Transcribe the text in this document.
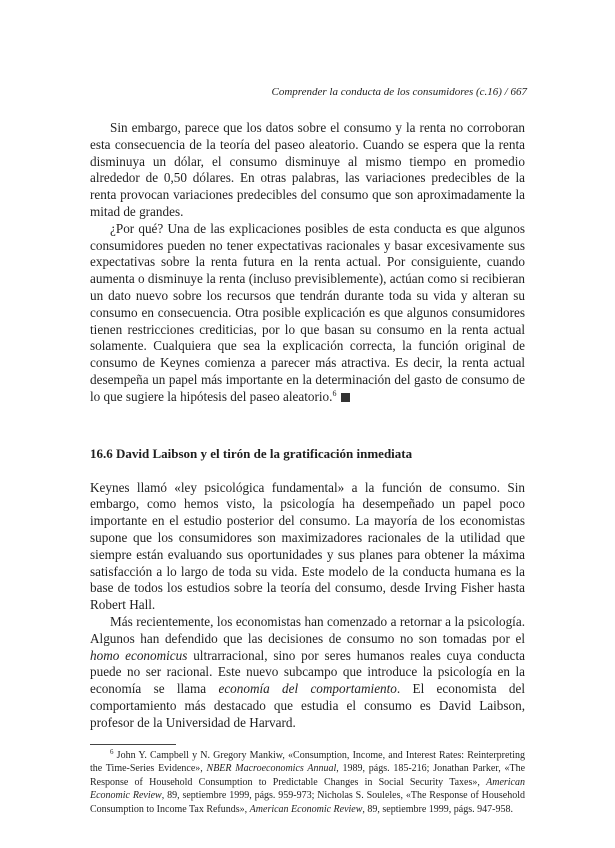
Comprender la conducta de los consumidores (c.16) / 667

Sin embargo, parece que los datos sobre el consumo y la renta no corroboran esta consecuencia de la teoría del paseo aleatorio. Cuando se espera que la renta disminuya un dólar, el consumo disminuye al mismo tiempo en promedio alrededor de 0,50 dólares. En otras palabras, las variaciones predecibles de la renta provocan variaciones predecibles del consumo que son aproximadamente la mitad de grandes.

¿Por qué? Una de las explicaciones posibles de esta conducta es que algunos consumidores pueden no tener expectativas racionales y basar excesivamente sus expectativas sobre la renta futura en la renta actual. Por consiguiente, cuando aumenta o disminuye la renta (incluso previsiblemente), actúan como si recibieran un dato nuevo sobre los recursos que tendrán durante toda su vida y alteran su consumo en consecuencia. Otra posible explicación es que algunos consumidores tienen restricciones crediticias, por lo que basan su consumo en la renta actual solamente. Cualquiera que sea la explicación correcta, la función original de consumo de Keynes comienza a parecer más atractiva. Es decir, la renta actual desempeña un papel más importante en la determinación del gasto de consumo de lo que sugiere la hipótesis del paseo aleatorio.$^6$

16.6 David Laibson y el tirón de la gratificación inmediata

Keynes llamó «ley psicológica fundamental» a la función de consumo. Sin embargo, como hemos visto, la psicología ha desempeñado un papel poco importante en el estudio posterior del consumo. La mayoría de los economistas supone que los consumidores son maximizadores racionales de la utilidad que siempre están evaluando sus oportunidades y sus planes para obtener la máxima satisfacción a lo largo de toda su vida. Este modelo de la conducta humana es la base de todos los estudios sobre la teoría del consumo, desde Irving Fisher hasta Robert Hall.

Más recientemente, los economistas han comenzado a retornar a la psicología. Algunos han defendido que las decisiones de consumo no son tomadas por el homo economicus ultrarracional, sino por seres humanos reales cuya conducta puede no ser racional. Este nuevo subcampo que introduce la psicología en la economía se llama economía del comportamiento. El economista del comportamiento más destacado que estudia el consumo es David Laibson, profesor de la Universidad de Harvard.

$^6$ John Y. Campbell y N. Gregory Mankiw, «Consumption, Income, and Interest Rates: Reinterpreting the Time-Series Evidence», NBER Macroeconomics Annual, 1989, págs. 185-216; Jonathan Parker, «The Response of Household Consumption to Predictable Changes in Social Security Taxes», American Economic Review, 89, septiembre 1999, págs. 959-973; Nicholas S. Souleles, «The Response of Household Consumption to Income Tax Refunds», American Economic Review, 89, septiembre 1999, págs. 947-958.
